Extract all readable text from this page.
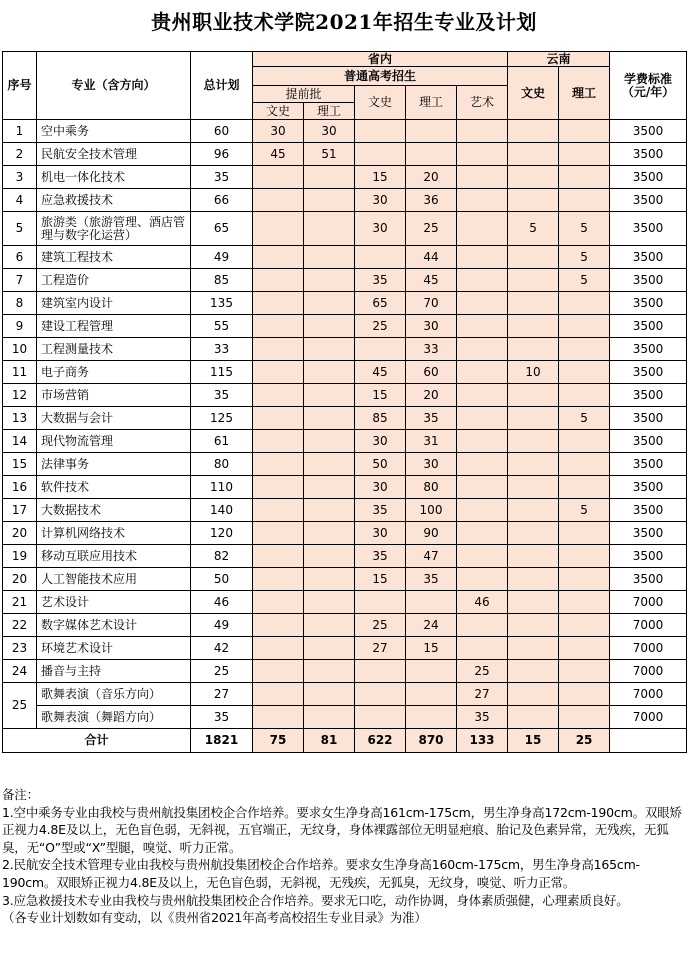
贵州职业技术学院2021年招生专业及计划
序号	专业（含方向）	总计划	省内					云南		学费标准（元/年）
			普通高考招生					文史	理工	
			提前批		文史	理工	艺术			
			文史	理工						
1	空中乘务	60	30	30						3500
2	民航安全技术管理	96	45	51						3500
3	机电一体化技术	35			15	20				3500
4	应急救援技术	66			30	36				3500
5	旅游类（旅游管理、酒店管理与数字化运营）	65			30	25		5	5	3500
6	建筑工程技术	49				44			5	3500
7	工程造价	85			35	45			5	3500
8	建筑室内设计	135			65	70				3500
9	建设工程管理	55			25	30				3500
10	工程测量技术	33				33				3500
11	电子商务	115			45	60		10		3500
12	市场营销	35			15	20				3500
13	大数据与会计	125			85	35			5	3500
14	现代物流管理	61			30	31				3500
15	法律事务	80			50	30				3500
16	软件技术	110			30	80				3500
17	大数据技术	140			35	100			5	3500
20	计算机网络技术	120			30	90				3500
19	移动互联应用技术	82			35	47				3500
20	人工智能技术应用	50			15	35				3500
21	艺术设计	46					46			7000
22	数字媒体艺术设计	49			25	24				7000
23	环境艺术设计	42			27	15				7000
24	播音与主持	25					25			7000
25	歌舞表演（音乐方向）	27					27			7000
	歌舞表演（舞蹈方向）	35					35			7000
合计		1821	75	81	622	870	133	15	25	
备注：
1.空中乘务专业由我校与贵州航投集团校企合作培养。要求女生净身高161cm-175cm，男生净身高172cm-190cm。双眼矫正视力4.8E及以上，无色盲色弱，无斜视，五官端正，无纹身，身体裸露部位无明显疤痕、胎记及色素异常，无残疾，无狐臭，无“O”型或“X”型腿，嗅觉、听力正常。
2.民航安全技术管理专业由我校与贵州航投集团校企合作培养。要求女生净身高160cm-175cm，男生净身高165cm-190cm。双眼矫正视力4.8E及以上，无色盲色弱，无斜视，无残疾，无狐臭，无纹身，嗅觉、听力正常。
3.应急救援技术专业由我校与贵州航投集团校企合作培养。要求无口吃，动作协调，身体素质强健，心理素质良好。
（各专业计划数如有变动，以《贵州省2021年高考高校招生专业目录》为准）
